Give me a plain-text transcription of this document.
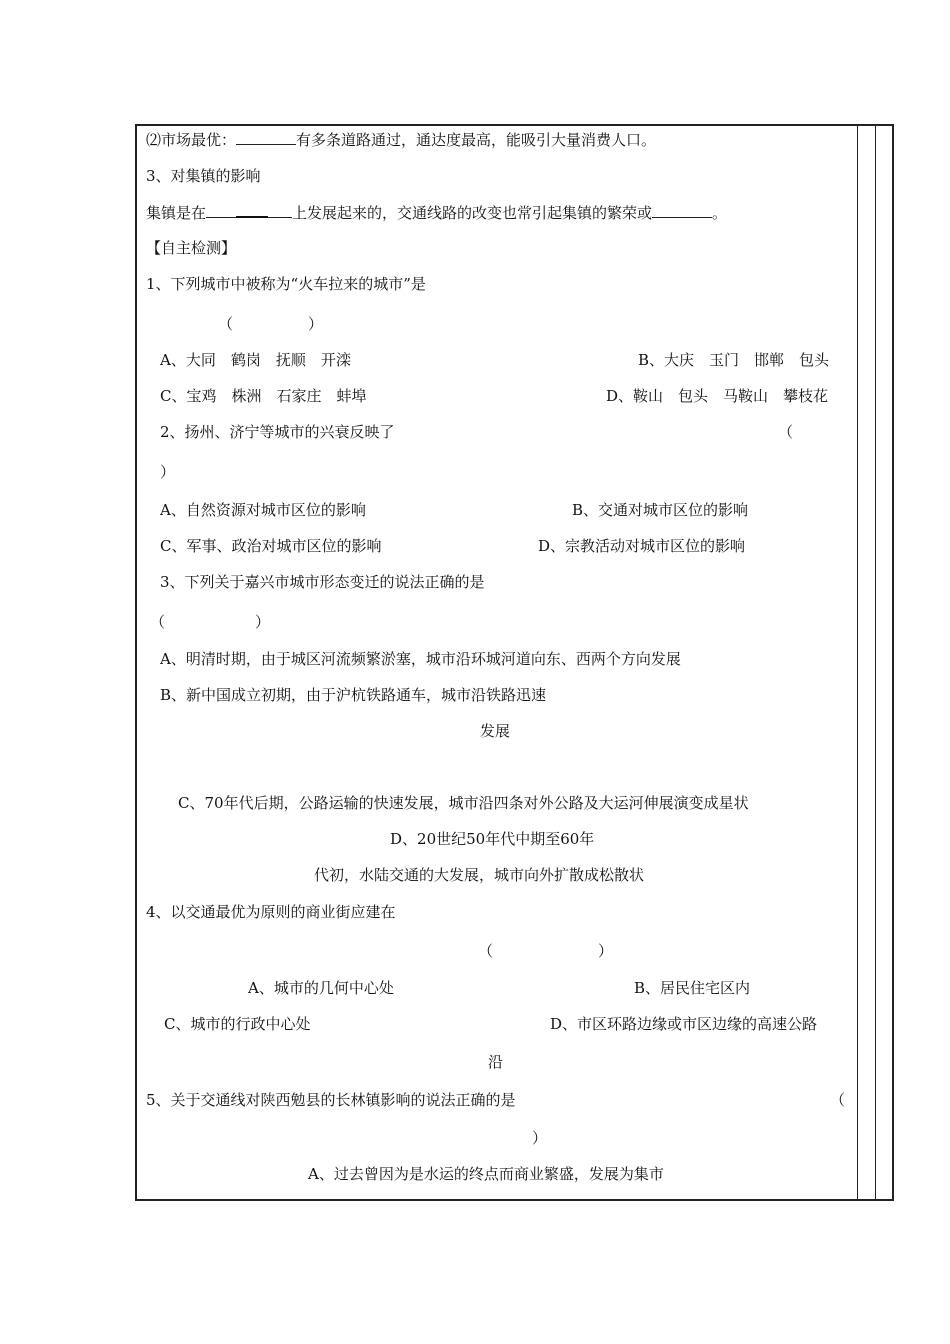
⑵市场最优：	有多条道路通过，通达度最高，能吸引大量消费人口。
3、对集镇的影响
集镇是在	上发展起来的，交通线路的改变也常引起集镇的繁荣或	。
【自主检测】
1、下列城市中被称为“火车拉来的城市”是
（　　　　　）
A、大同　鹤岗　抚顺　开滦	B、大庆　玉门　邯郸　包头
C、宝鸡　株洲　石家庄　蚌埠	D、鞍山　包头　马鞍山　攀枝花
2、扬州、济宁等城市的兴衰反映了	（
）
A、自然资源对城市区位的影响	B、交通对城市区位的影响
C、军事、政治对城市区位的影响	D、宗教活动对城市区位的影响
3、下列关于嘉兴市城市形态变迁的说法正确的是
（　　　　　　）
A、明清时期，由于城区河流频繁淤塞，城市沿环城河道向东、西两个方向发展
B、新中国成立初期，由于沪杭铁路通车，城市沿铁路迅速
发展
C、70年代后期，公路运输的快速发展，城市沿四条对外公路及大运河伸展演变成星状
D、20世纪50年代中期至60年
代初，水陆交通的大发展，城市向外扩散成松散状
4、以交通最优为原则的商业街应建在
（　　　　　　　）
A、城市的几何中心处	B、居民住宅区内
C、城市的行政中心处	D、市区环路边缘或市区边缘的高速公路
沿
5、关于交通线对陕西勉县的长林镇影响的说法正确的是	（
）
A、过去曾因为是水运的终点而商业繁盛，发展为集市
